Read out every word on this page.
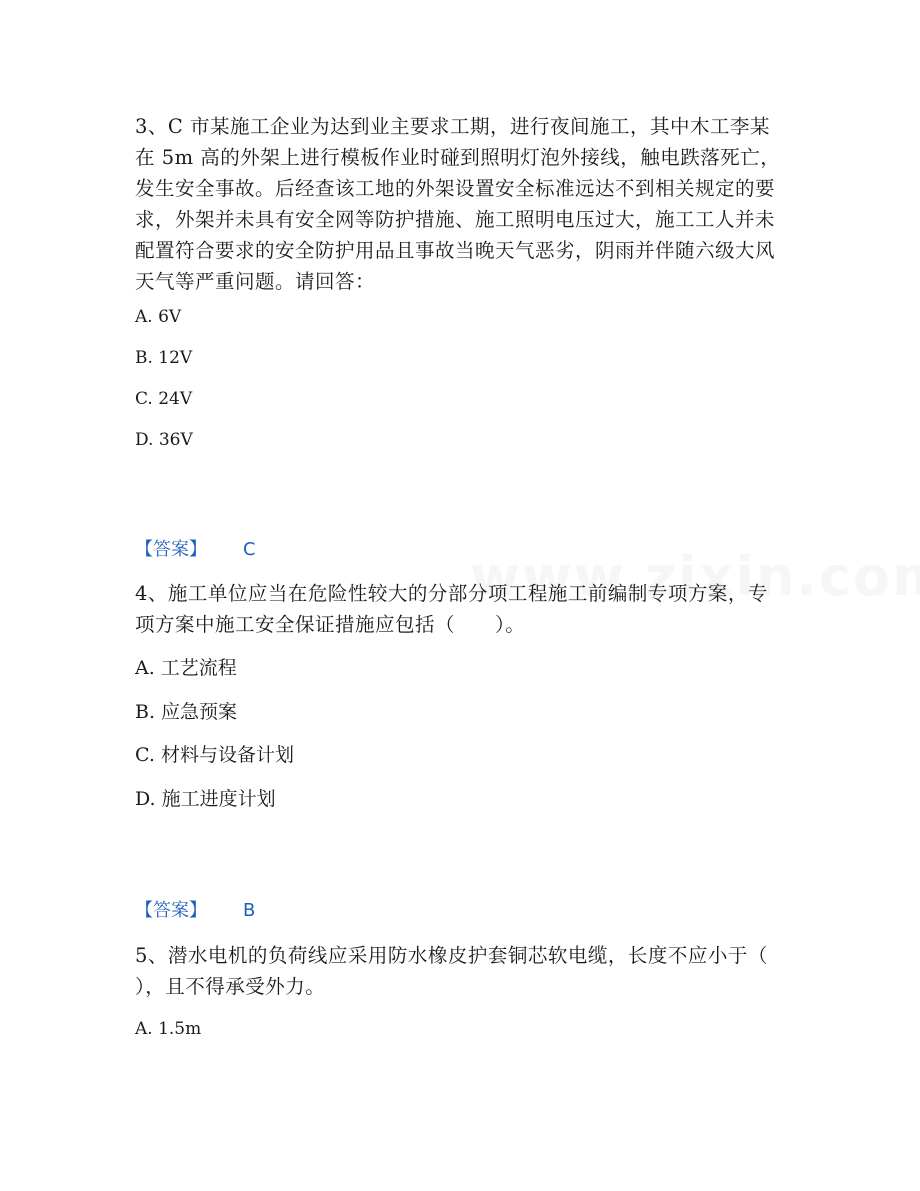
3、C 市某施工企业为达到业主要求工期，进行夜间施工，其中木工李某在 5m 高的外架上进行模板作业时碰到照明灯泡外接线，触电跌落死亡，发生安全事故。后经查该工地的外架设置安全标准远达不到相关规定的要求，外架并未具有安全网等防护措施、施工照明电压过大，施工工人并未配置符合要求的安全防护用品且事故当晚天气恶劣，阴雨并伴随六级大风天气等严重问题。请回答：
A. 6V
B. 12V
C. 24V
D. 36V
【答案】 C
4、施工单位应当在危险性较大的分部分项工程施工前编制专项方案，专项方案中施工安全保证措施应包括（　　）。
A. 工艺流程
B. 应急预案
C. 材料与设备计划
D. 施工进度计划
【答案】 B
5、潜水电机的负荷线应采用防水橡皮护套铜芯软电缆，长度不应小于（　　），且不得承受外力。
A. 1.5m
